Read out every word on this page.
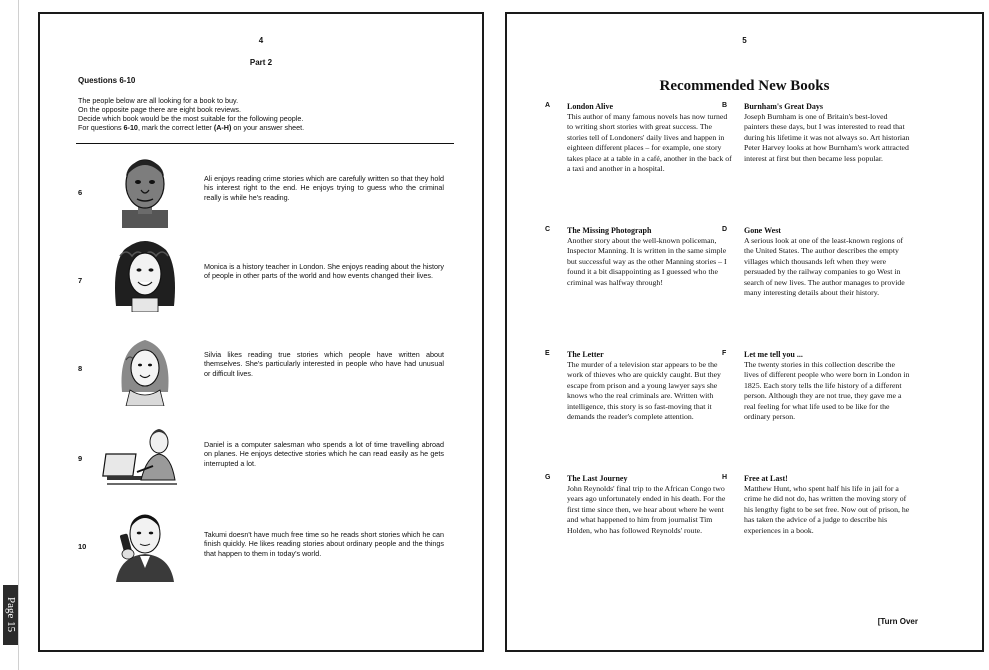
Page 15
4
Part 2
Questions 6-10
The people below are all looking for a book to buy.
On the opposite page there are eight book reviews.
Decide which book would be the most suitable for the following people.
For questions 6-10, mark the correct letter (A-H) on your answer sheet.
6
Ali enjoys reading crime stories which are carefully written so that they hold his interest right to the end. He enjoys trying to guess who the criminal really is while he's reading.
7
Monica is a history teacher in London. She enjoys reading about the history of people in other parts of the world and how events changed their lives.
8
Silvia likes reading true stories which people have written about themselves. She's particularly interested in people who have had unusual or difficult lives.
9
Daniel is a computer salesman who spends a lot of time travelling abroad on planes. He enjoys detective stories which he can read easily as he gets interrupted a lot.
10
Takumi doesn't have much free time so he reads short stories which he can finish quickly. He likes reading stories about ordinary people and the things that happen to them in today's world.
5
Recommended New Books
A London Alive
This author of many famous novels has now turned to writing short stories with great success. The stories tell of Londoners' daily lives and happen in eighteen different places – for example, one story takes place at a table in a café, another in the back of a taxi and another in a hospital.
B Burnham's Great Days
Joseph Burnham is one of Britain's best-loved painters these days, but I was interested to read that during his lifetime it was not always so. Art historian Peter Harvey looks at how Burnham's work attracted interest at first but then became less popular.
C The Missing Photograph
Another story about the well-known policeman, Inspector Manning. It is written in the same simple but successful way as the other Manning stories – I found it a bit disappointing as I guessed who the criminal was halfway through!
D Gone West
A serious look at one of the least-known regions of the United States. The author describes the empty villages which thousands left when they were persuaded by the railway companies to go West in search of new lives. The author manages to provide many interesting details about their history.
E The Letter
The murder of a television star appears to be the work of thieves who are quickly caught. But they escape from prison and a young lawyer says she knows who the real criminals are. Written with intelligence, this story is so fast-moving that it demands the reader's complete attention.
F Let me tell you ...
The twenty stories in this collection describe the lives of different people who were born in London in 1825. Each story tells the life history of a different person. Although they are not true, they gave me a real feeling for what life used to be like for the ordinary person.
G The Last Journey
John Reynolds' final trip to the African Congo two years ago unfortunately ended in his death. For the first time since then, we hear about where he went and what happened to him from journalist Tim Holden, who has followed Reynolds' route.
H Free at Last!
Matthew Hunt, who spent half his life in jail for a crime he did not do, has written the moving story of his lengthy fight to be set free. Now out of prison, he has taken the advice of a judge to describe his experiences in a book.
[Turn Over
